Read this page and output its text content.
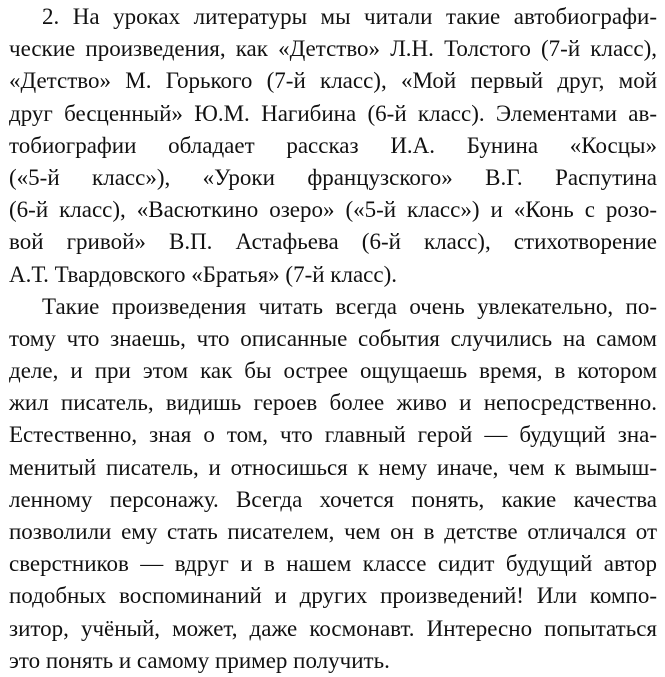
2. На уроках литературы мы читали такие автобиографи-
ческие произведения, как «Детство» Л.Н. Толстого (7-й класс),
«Детство» М. Горького (7-й класс), «Мой первый друг, мой
друг бесценный» Ю.М. Нагибина (6-й класс). Элементами ав-
тобиографии обладает рассказ И.А. Бунина «Косцы»
(«5-й класс»), «Уроки французского» В.Г. Распутина
(6-й класс), «Васюткино озеро» («5-й класс») и «Конь с розо-
вой гривой» В.П. Астафьева (6-й класс), стихотворение
А.Т. Твардовского «Братья» (7-й класс).
Такие произведения читать всегда очень увлекательно, по-
тому что знаешь, что описанные события случились на самом
деле, и при этом как бы острее ощущаешь время, в котором
жил писатель, видишь героев более живо и непосредственно.
Естественно, зная о том, что главный герой — будущий зна-
менитый писатель, и относишься к нему иначе, чем к вымыш-
ленному персонажу. Всегда хочется понять, какие качества
позволили ему стать писателем, чем он в детстве отличался от
сверстников — вдруг и в нашем классе сидит будущий автор
подобных воспоминаний и других произведений! Или компо-
зитор, учёный, может, даже космонавт. Интересно попытаться
это понять и самому пример получить.
